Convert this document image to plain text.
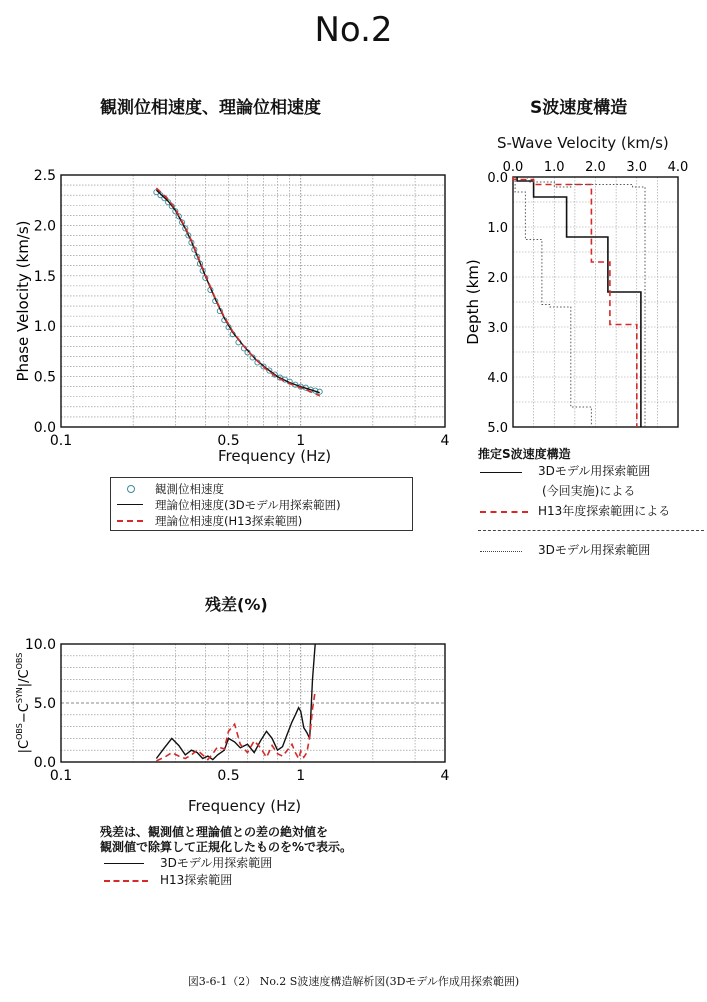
No.2
観測位相速度、理論位相速度
0.0
0.5
1.0
1.5
2.0
2.5
0.1	0.5	1	4
Phase Velocity (km/s)
Frequency (Hz)
観測位相速度
理論位相速度(3Dモデル用探索範囲)
理論位相速度(H13探索範囲)
S波速度構造
S-Wave Velocity (km/s)
0.0 1.0 2.0 3.0 4.0
0.0
1.0
2.0
3.0
4.0
5.0
Depth (km)
推定S波速度構造
3Dモデル用探索範囲
(今回実施)による
H13年度探索範囲による
3Dモデル用探索範囲
残差(%)
0.0
5.0
10.0
0.1	0.5	1	4
$|C^{OBS}-C^{SYN}|/C^{OBS}$
Frequency (Hz)
残差は、観測値と理論値との差の絶対値を
観測値で除算して正規化したものを%で表示。
3Dモデル用探索範囲
H13探索範囲
図3-6-1（2） No.2 S波速度構造解析図(3Dモデル作成用探索範囲)
